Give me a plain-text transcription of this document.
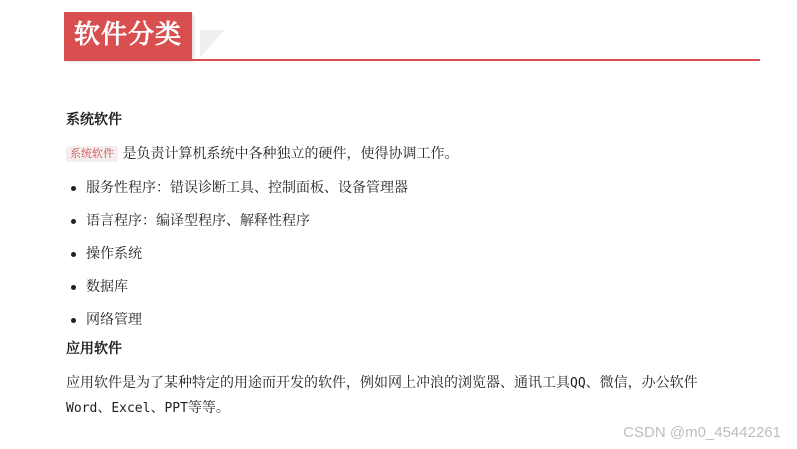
软件分类
系统软件

系统软件 是负责计算机系统中各种独立的硬件，使得协调工作。

服务性程序：错误诊断工具、控制面板、设备管理器
语言程序：编译型程序、解释性程序
操作系统
数据库
网络管理
应用软件

应用软件是为了某种特定的用途而开发的软件，例如网上冲浪的浏览器、通讯工具QQ、微信，办公软件
Word、Excel、PPT等等。

CSDN @m0_45442261
